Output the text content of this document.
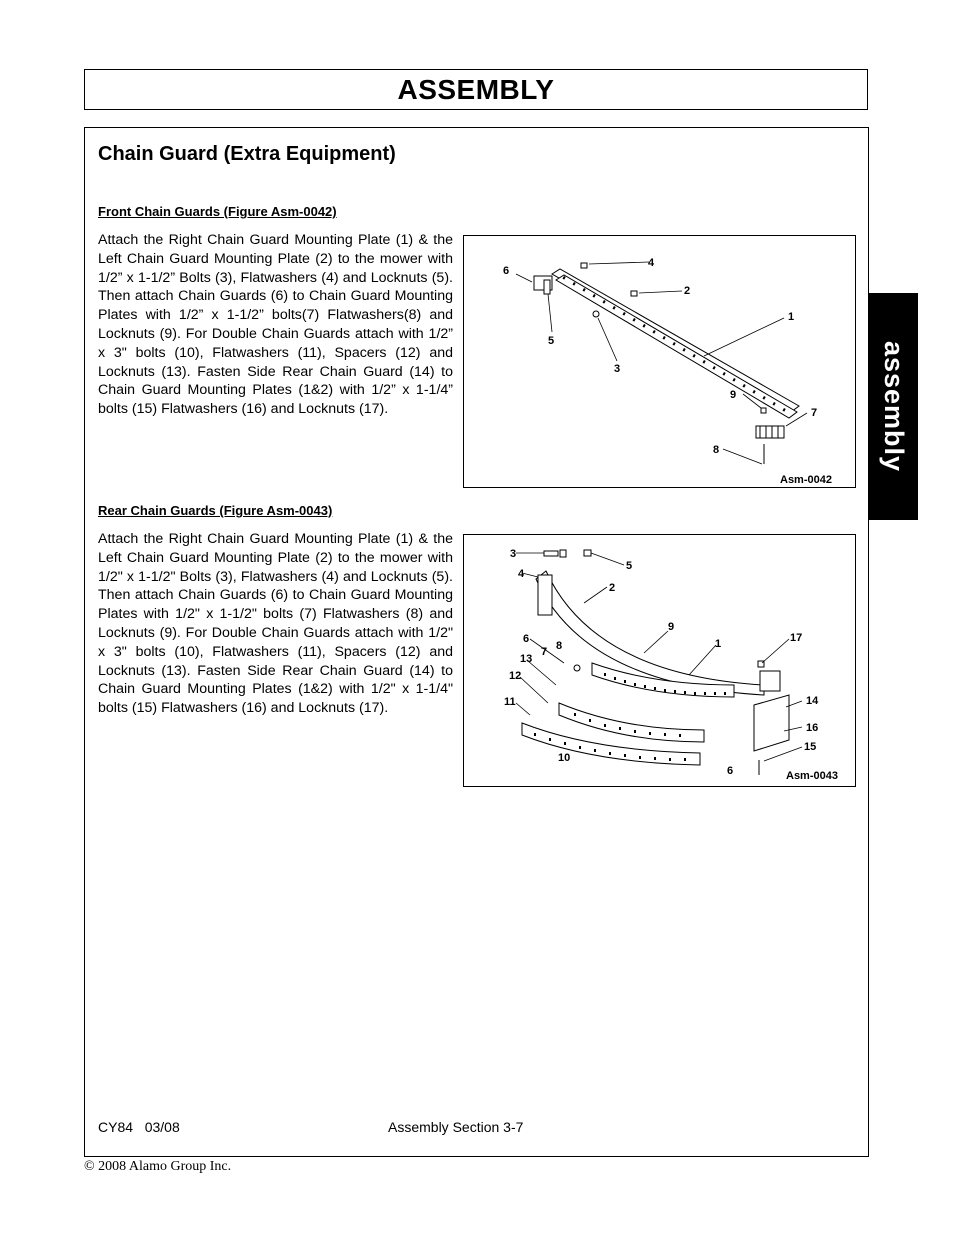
ASSEMBLY
Chain Guard (Extra Equipment)
Front Chain Guards (Figure Asm-0042)
Attach the Right Chain Guard Mounting Plate (1) & the Left Chain Guard Mounting Plate (2) to the mower with 1/2” x 1-1/2” Bolts (3), Flatwashers (4) and Locknuts (5). Then attach Chain Guards (6) to Chain Guard Mounting Plates with 1/2” x 1-1/2” bolts(7) Flatwashers(8) and Locknuts (9). For Double Chain Guards attach with 1/2” x 3" bolts (10), Flatwashers (11), Spacers (12) and Locknuts (13). Fasten Side Rear Chain Guard (14) to Chain Guard Mounting Plates (1&2) with 1/2” x 1-1/4” bolts (15) Flatwashers (16) and Locknuts (17).
6
4
2
1
5
3
9
7
8
Asm-0042
Rear Chain Guards (Figure Asm-0043)
Attach the Right Chain Guard Mounting Plate (1) & the Left Chain Guard Mounting Plate (2) to the mower with 1/2" x 1-1/2" Bolts (3), Flatwashers (4) and Locknuts (5). Then attach Chain Guards (6) to Chain Guard Mounting Plates with 1/2" x 1-1/2" bolts (7) Flatwashers (8) and Locknuts (9). For Double Chain Guards attach with 1/2" x 3" bolts (10), Flatwashers (11), Spacers (12) and Locknuts (13). Fasten Side Rear Chain Guard (14) to Chain Guard Mounting Plates (1&2) with 1/2" x 1-1/4" bolts (15) Flatwashers (16) and Locknuts (17).
3
5
4
2
9
6
7 8	1	17
13
12
11	14
16
15
10
6	Asm-0043
assembly
CY84   03/08	Assembly Section 3-7
© 2008 Alamo Group Inc.
